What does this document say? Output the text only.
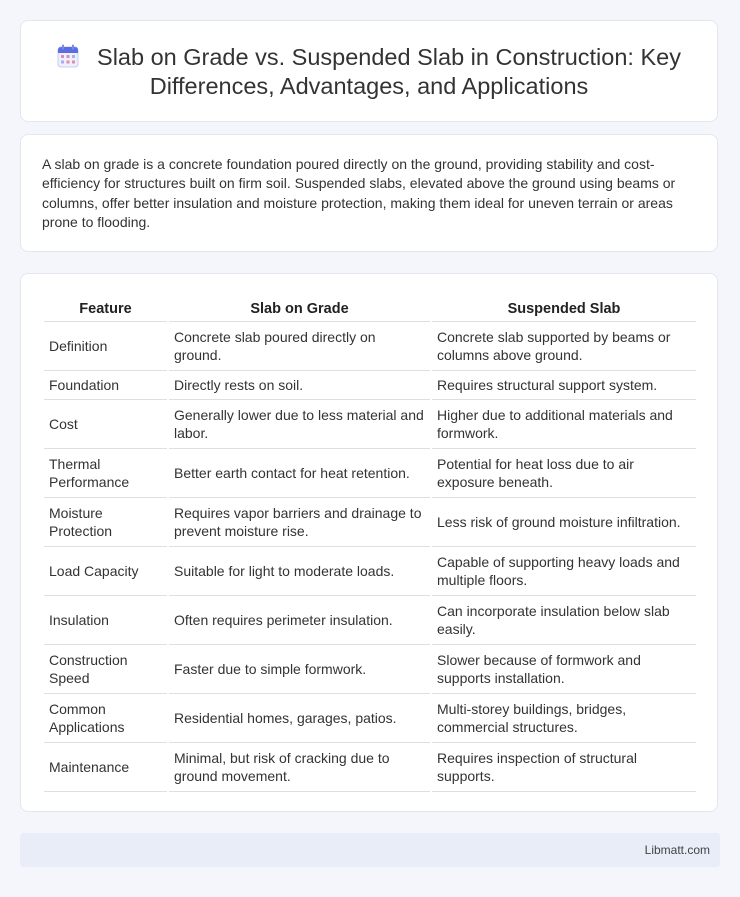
Slab on Grade vs. Suspended Slab in Construction: Key Differences, Advantages, and Applications
A slab on grade is a concrete foundation poured directly on the ground, providing stability and cost-efficiency for structures built on firm soil. Suspended slabs, elevated above the ground using beams or columns, offer better insulation and moisture protection, making them ideal for uneven terrain or areas prone to flooding.
Feature	Slab on Grade	Suspended Slab
Definition	Concrete slab poured directly on ground.	Concrete slab supported by beams or columns above ground.
Foundation	Directly rests on soil.	Requires structural support system.
Cost	Generally lower due to less material and labor.	Higher due to additional materials and formwork.
Thermal Performance	Better earth contact for heat retention.	Potential for heat loss due to air exposure beneath.
Moisture Protection	Requires vapor barriers and drainage to prevent moisture rise.	Less risk of ground moisture infiltration.
Load Capacity	Suitable for light to moderate loads.	Capable of supporting heavy loads and multiple floors.
Insulation	Often requires perimeter insulation.	Can incorporate insulation below slab easily.
Construction Speed	Faster due to simple formwork.	Slower because of formwork and supports installation.
Common Applications	Residential homes, garages, patios.	Multi-storey buildings, bridges, commercial structures.
Maintenance	Minimal, but risk of cracking due to ground movement.	Requires inspection of structural supports.
Libmatt.com
